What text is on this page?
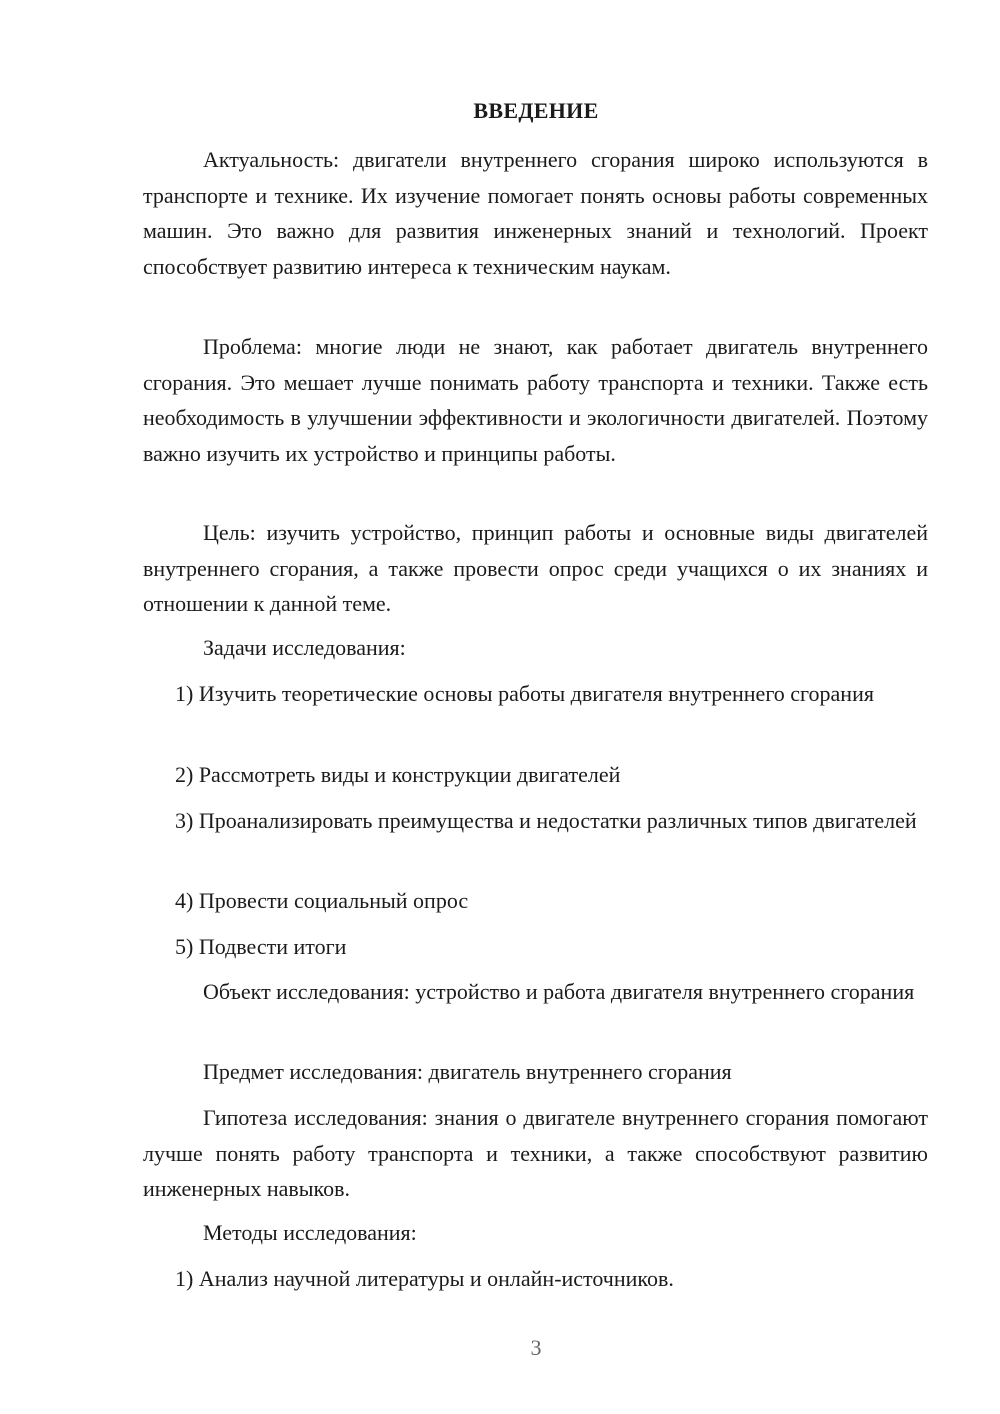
ВВЕДЕНИЕ

Актуальность: двигатели внутреннего сгорания широко используются в транспорте и технике. Их изучение помогает понять основы работы современных машин. Это важно для развития инженерных знаний и технологий. Проект способствует развитию интереса к техническим наукам.

Проблема: многие люди не знают, как работает двигатель внутреннего сгорания. Это мешает лучше понимать работу транспорта и техники. Также есть необходимость в улучшении эффективности и экологичности двигателей. Поэтому важно изучить их устройство и принципы работы.

Цель: изучить устройство, принцип работы и основные виды двигателей внутреннего сгорания, а также провести опрос среди учащихся о их знаниях и отношении к данной теме.

Задачи исследования:

1) Изучить теоретические основы работы двигателя внутреннего сгорания

2) Рассмотреть виды и конструкции двигателей

3) Проанализировать преимущества и недостатки различных типов двигателей

4) Провести социальный опрос

5) Подвести итоги

Объект исследования: устройство и работа двигателя внутреннего сгорания

Предмет исследования: двигатель внутреннего сгорания

Гипотеза исследования: знания о двигателе внутреннего сгорания помогают лучше понять работу транспорта и техники, а также способствуют развитию инженерных навыков.

Методы исследования:

1) Анализ научной литературы и онлайн-источников.

3
